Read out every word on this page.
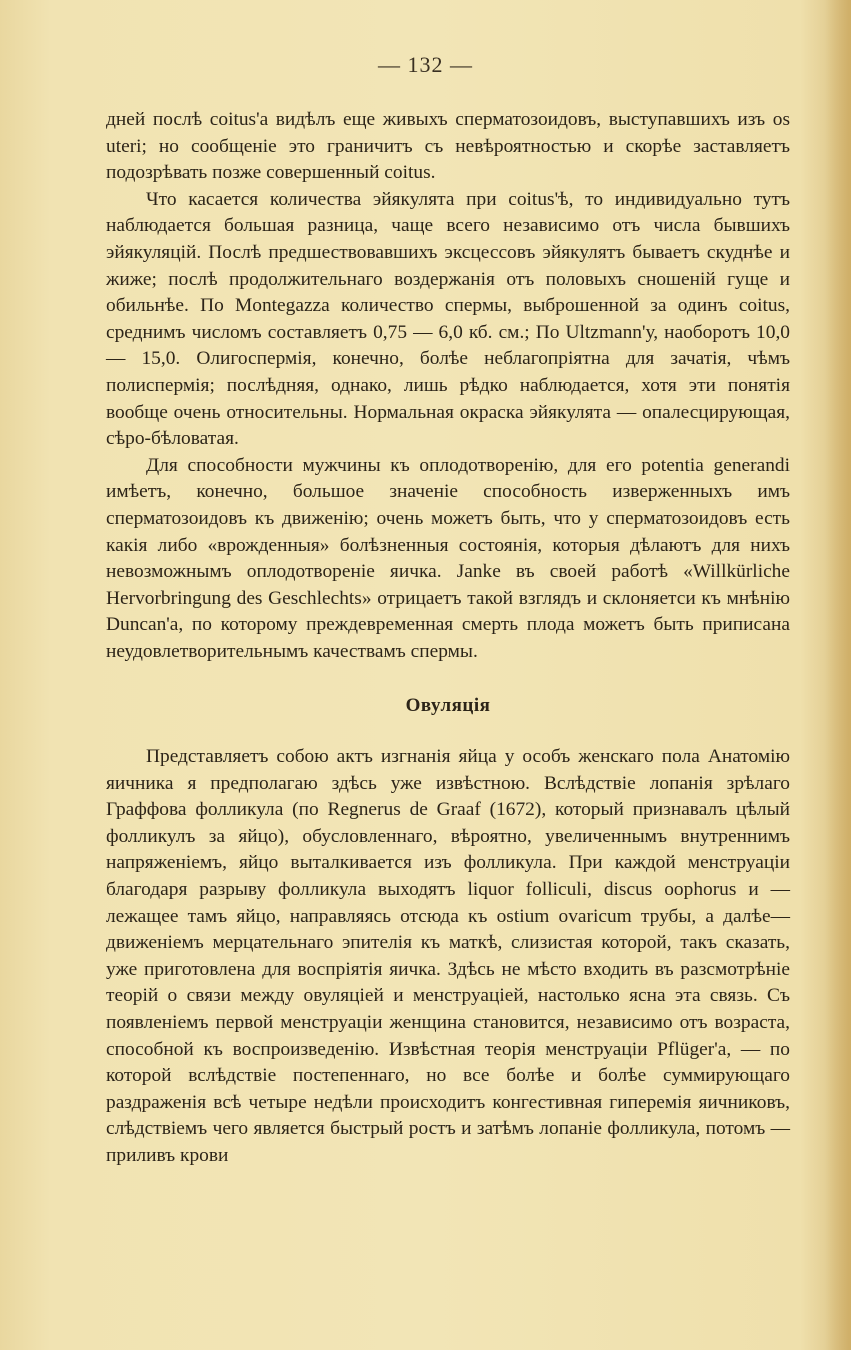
— 132 —

дней послѣ coitus'а видѣлъ еще живыхъ сперматозоидовъ, выступавшихъ изъ os uteri; но сообщеніе это граничитъ съ невѣроятностью и скорѣе заставляетъ подозрѣвать позже совершенный coitus.

Что касается количества эйякулята при coitus'ѣ, то индивидуально тутъ наблюдается большая разница, чаще всего независимо отъ числа бывшихъ эйякуляцій. Послѣ предшествовавшихъ эксцессовъ эйякулятъ бываетъ скуднѣе и жиже; послѣ продолжительнаго воздержанія отъ половыхъ сношеній гуще и обильнѣе. По Montegazza количество спермы, выброшенной за одинъ coitus, среднимъ числомъ составляетъ 0,75 — 6,0 кб. см.; По Ultzmann'у, наоборотъ 10,0 — 15,0. Олигоспермія, конечно, болѣе неблагопріятна для зачатія, чѣмъ полиспермія; послѣдняя, однако, лишь рѣдко наблюдается, хотя эти понятія вообще очень относительны. Нормальная окраска эйякулята — опалесцирующая, сѣро-бѣловатая.

Для способности мужчины къ оплодотворенію, для его potentia generandi имѣетъ, конечно, большое значеніе способность изверженныхъ имъ сперматозоидовъ къ движенію; очень можетъ быть, что у сперматозоидовъ есть какія либо «врожденныя» болѣзненныя состоянія, которыя дѣлаютъ для нихъ невозможнымъ оплодотвореніе яичка. Janke въ своей работѣ «Willkürliche Hervorbringung des Geschlechts» отрицаетъ такой взглядъ и склоняетси къ мнѣнію Duncan'а, по которому преждевременная смерть плода можетъ быть приписана неудовлетворительнымъ качествамъ спермы.

Овуляція

Представляетъ собою актъ изгнанія яйца у особъ женскаго пола Анатомію яичника я предполагаю здѣсь уже извѣстною. Вслѣдствіе лопанія зрѣлаго Граффова фолликула (по Regnerus de Graaf (1672), который признавалъ цѣлый фолликулъ за яйцо), обусловленнаго, вѣроятно, увеличеннымъ внутреннимъ напряженіемъ, яйцо выталкивается изъ фолликула. При каждой менструаціи благодаря разрыву фолликула выходятъ liquor folliculi, discus oophorus и — лежащее тамъ яйцо, направляясь отсюда къ ostium ovaricum трубы, а далѣе—движеніемъ мерцательнаго эпителія къ маткѣ, слизистая которой, такъ сказать, уже приготовлена для воспріятія яичка. Здѣсь не мѣсто входить въ разсмотрѣніе теорій о связи между овуляціей и менструаціей, настолько ясна эта связь. Съ появленіемъ первой менструаціи женщина становится, независимо отъ возраста, способной къ воспроизведенію. Извѣстная теорія менструаціи Pflüger'а, — по которой вслѣдствіе постепеннаго, но все болѣе и болѣе суммирующаго раздраженія всѣ четыре недѣли происходитъ конгестивная гиперемія яичниковъ, слѣдствіемъ чего является быстрый ростъ и затѣмъ лопаніе фолликула, потомъ — приливъ крови
